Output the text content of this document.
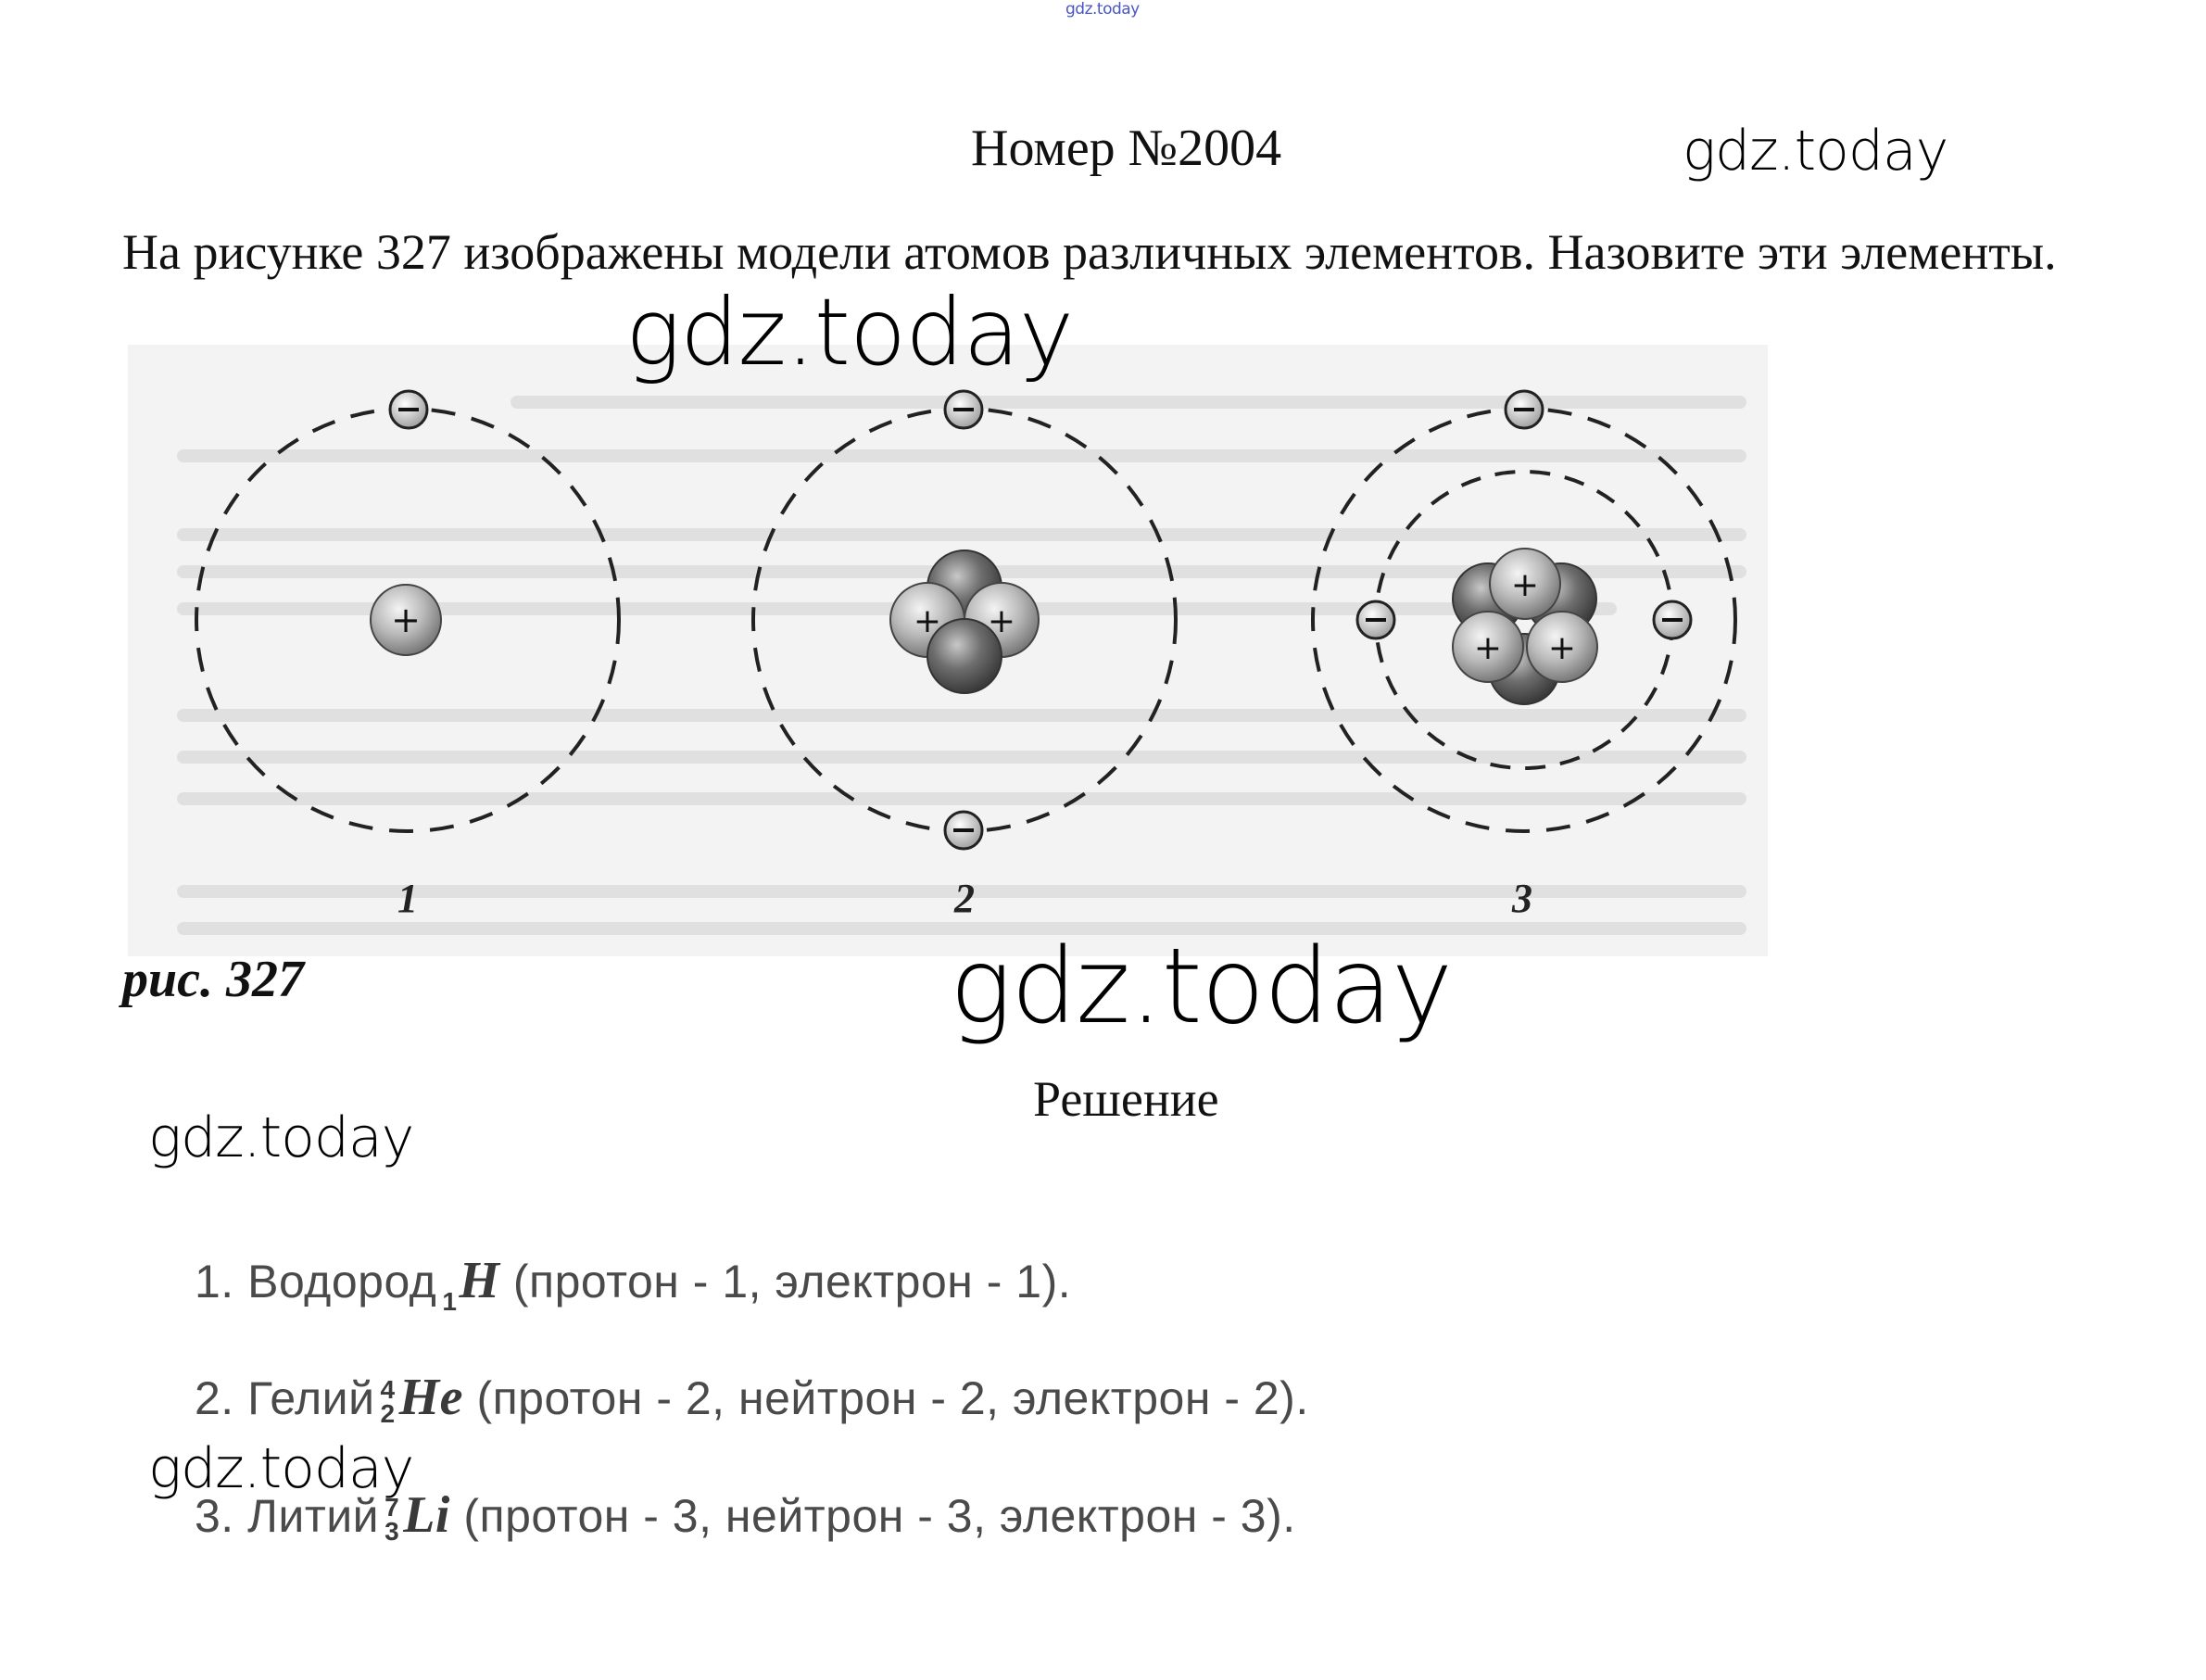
gdz.today
Номер №2004	gdz.today
На рисунке 327 изображены модели атомов различных элементов. Назовите эти элементы.
+
1
+ +
2
+
+ +
3
gdz.today
рис. 327	gdz.today
Решение
gdz.today
1. Водород $_1$H (протон - 1, электрон - 1).
2. Гелий 4
2 He (протон - 2, нейтрон - 2, электрон - 2).
3. Литий 7
3 Li (протон - 3, нейтрон - 3, электрон - 3).
gdz.today
